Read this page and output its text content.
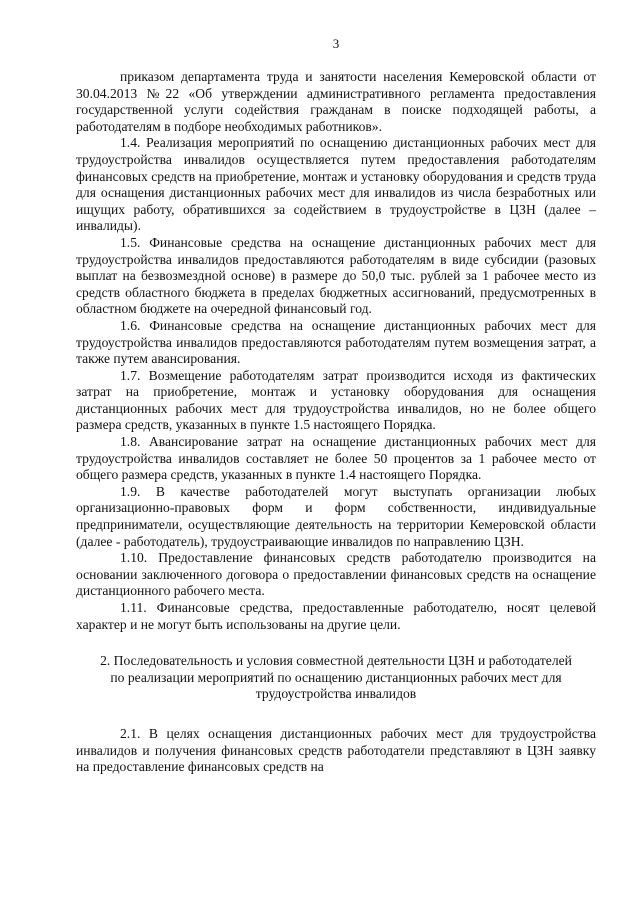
3

приказом департамента труда и занятости населения Кемеровской области от 30.04.2013 №22 «Об утверждении административного регламента предоставления государственной услуги содействия гражданам в поиске подходящей работы, а работодателям в подборе необходимых работников».

1.4. Реализация мероприятий по оснащению дистанционных рабочих мест для трудоустройства инвалидов осуществляется путем предоставления работодателям финансовых средств на приобретение, монтаж и установку оборудования и средств труда для оснащения дистанционных рабочих мест для инвалидов из числа безработных или ищущих работу, обратившихся за содействием в трудоустройстве в ЦЗН (далее – инвалиды).

1.5. Финансовые средства на оснащение дистанционных рабочих мест для трудоустройства инвалидов предоставляются работодателям в виде субсидии (разовых выплат на безвозмездной основе) в размере до 50,0 тыс. рублей за 1 рабочее место из средств областного бюджета в пределах бюджетных ассигнований, предусмотренных в областном бюджете на очередной финансовый год.

1.6. Финансовые средства на оснащение дистанционных рабочих мест для трудоустройства инвалидов предоставляются работодателям путем возмещения затрат, а также путем авансирования.

1.7. Возмещение работодателям затрат производится исходя из фактических затрат на приобретение, монтаж и установку оборудования для оснащения дистанционных рабочих мест для трудоустройства инвалидов, но не более общего размера средств, указанных в пункте 1.5 настоящего Порядка.

1.8. Авансирование затрат на оснащение дистанционных рабочих мест для трудоустройства инвалидов составляет не более 50 процентов за 1 рабочее место от общего размера средств, указанных в пункте 1.4 настоящего Порядка.

1.9. В качестве работодателей могут выступать организации любых организационно-правовых форм и форм собственности, индивидуальные предприниматели, осуществляющие деятельность на территории Кемеровской области (далее - работодатель), трудоустраивающие инвалидов по направлению ЦЗН.

1.10. Предоставление финансовых средств работодателю производится на основании заключенного договора о предоставлении финансовых средств на оснащение дистанционного рабочего места.

1.11. Финансовые средства, предоставленные работодателю, носят целевой характер и не могут быть использованы на другие цели.

2. Последовательность и условия совместной деятельности ЦЗН и работодателей по реализации мероприятий по оснащению дистанционных рабочих мест для трудоустройства инвалидов

2.1. В целях оснащения дистанционных рабочих мест для трудоустройства инвалидов и получения финансовых средств работодатели представляют в ЦЗН заявку на предоставление финансовых средств на
